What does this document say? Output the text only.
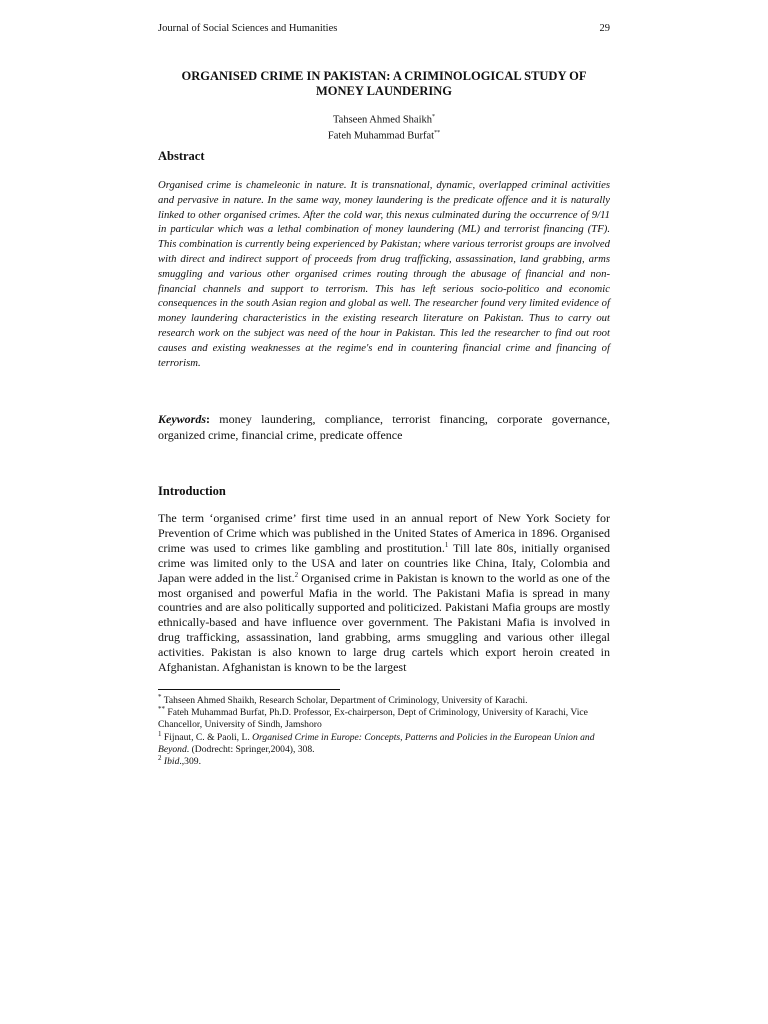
Journal of Social Sciences and Humanities	29
ORGANISED CRIME IN PAKISTAN: A CRIMINOLOGICAL STUDY OF
MONEY LAUNDERING
Tahseen Ahmed Shaikh*
Fateh Muhammad Burfat**
Abstract

Organised crime is chameleonic in nature. It is transnational, dynamic, overlapped criminal activities and pervasive in nature. In the same way, money laundering is the predicate offence and it is naturally linked to other organised crimes. After the cold war, this nexus culminated during the occurrence of 9/11 in particular which was a lethal combination of money laundering (ML) and terrorist financing (TF). This combination is currently being experienced by Pakistan; where various terrorist groups are involved with direct and indirect support of proceeds from drug trafficking, assassination, land grabbing, arms smuggling and various other organised crimes routing through the abusage of financial and non-financial channels and support to terrorism. This has left serious socio-politico and economic consequences in the south Asian region and global as well. The researcher found very limited evidence of money laundering characteristics in the existing research literature on Pakistan. Thus to carry out research work on the subject was need of the hour in Pakistan. This led the researcher to find out root causes and existing weaknesses at the regime's end in countering financial crime and financing of terrorism.

Keywords: money laundering, compliance, terrorist financing, corporate governance, organized crime, financial crime, predicate offence

Introduction

The term ‘organised crime’ first time used in an annual report of New York Society for Prevention of Crime which was published in the United States of America in 1896. Organised crime was used to crimes like gambling and prostitution.$^1$ Till late 80s, initially organised crime was limited only to the USA and later on countries like China, Italy, Colombia and Japan were added in the list.$^2$ Organised crime in Pakistan is known to the world as one of the most organised and powerful Mafia in the world. The Pakistani Mafia is spread in many countries and are also politically supported and politicized. Pakistani Mafia groups are mostly ethnically-based and have influence over government. The Pakistani Mafia is involved in drug trafficking, assassination, land grabbing, arms smuggling and various other illegal activities. Pakistan is also known to large drug cartels which export heroin created in Afghanistan. Afghanistan is known to be the largest

* Tahseen Ahmed Shaikh, Research Scholar, Department of Criminology, University of Karachi.

** Fateh Muhammad Burfat, Ph.D. Professor, Ex-chairperson, Dept of Criminology, University of Karachi, Vice Chancellor, University of Sindh, Jamshoro

$^1$ Fijnaut, C. & Paoli, L. Organised Crime in Europe: Concepts, Patterns and Policies in the European Union and Beyond. (Dodrecht: Springer,2004), 308.

$^2$ Ibid.,309.
